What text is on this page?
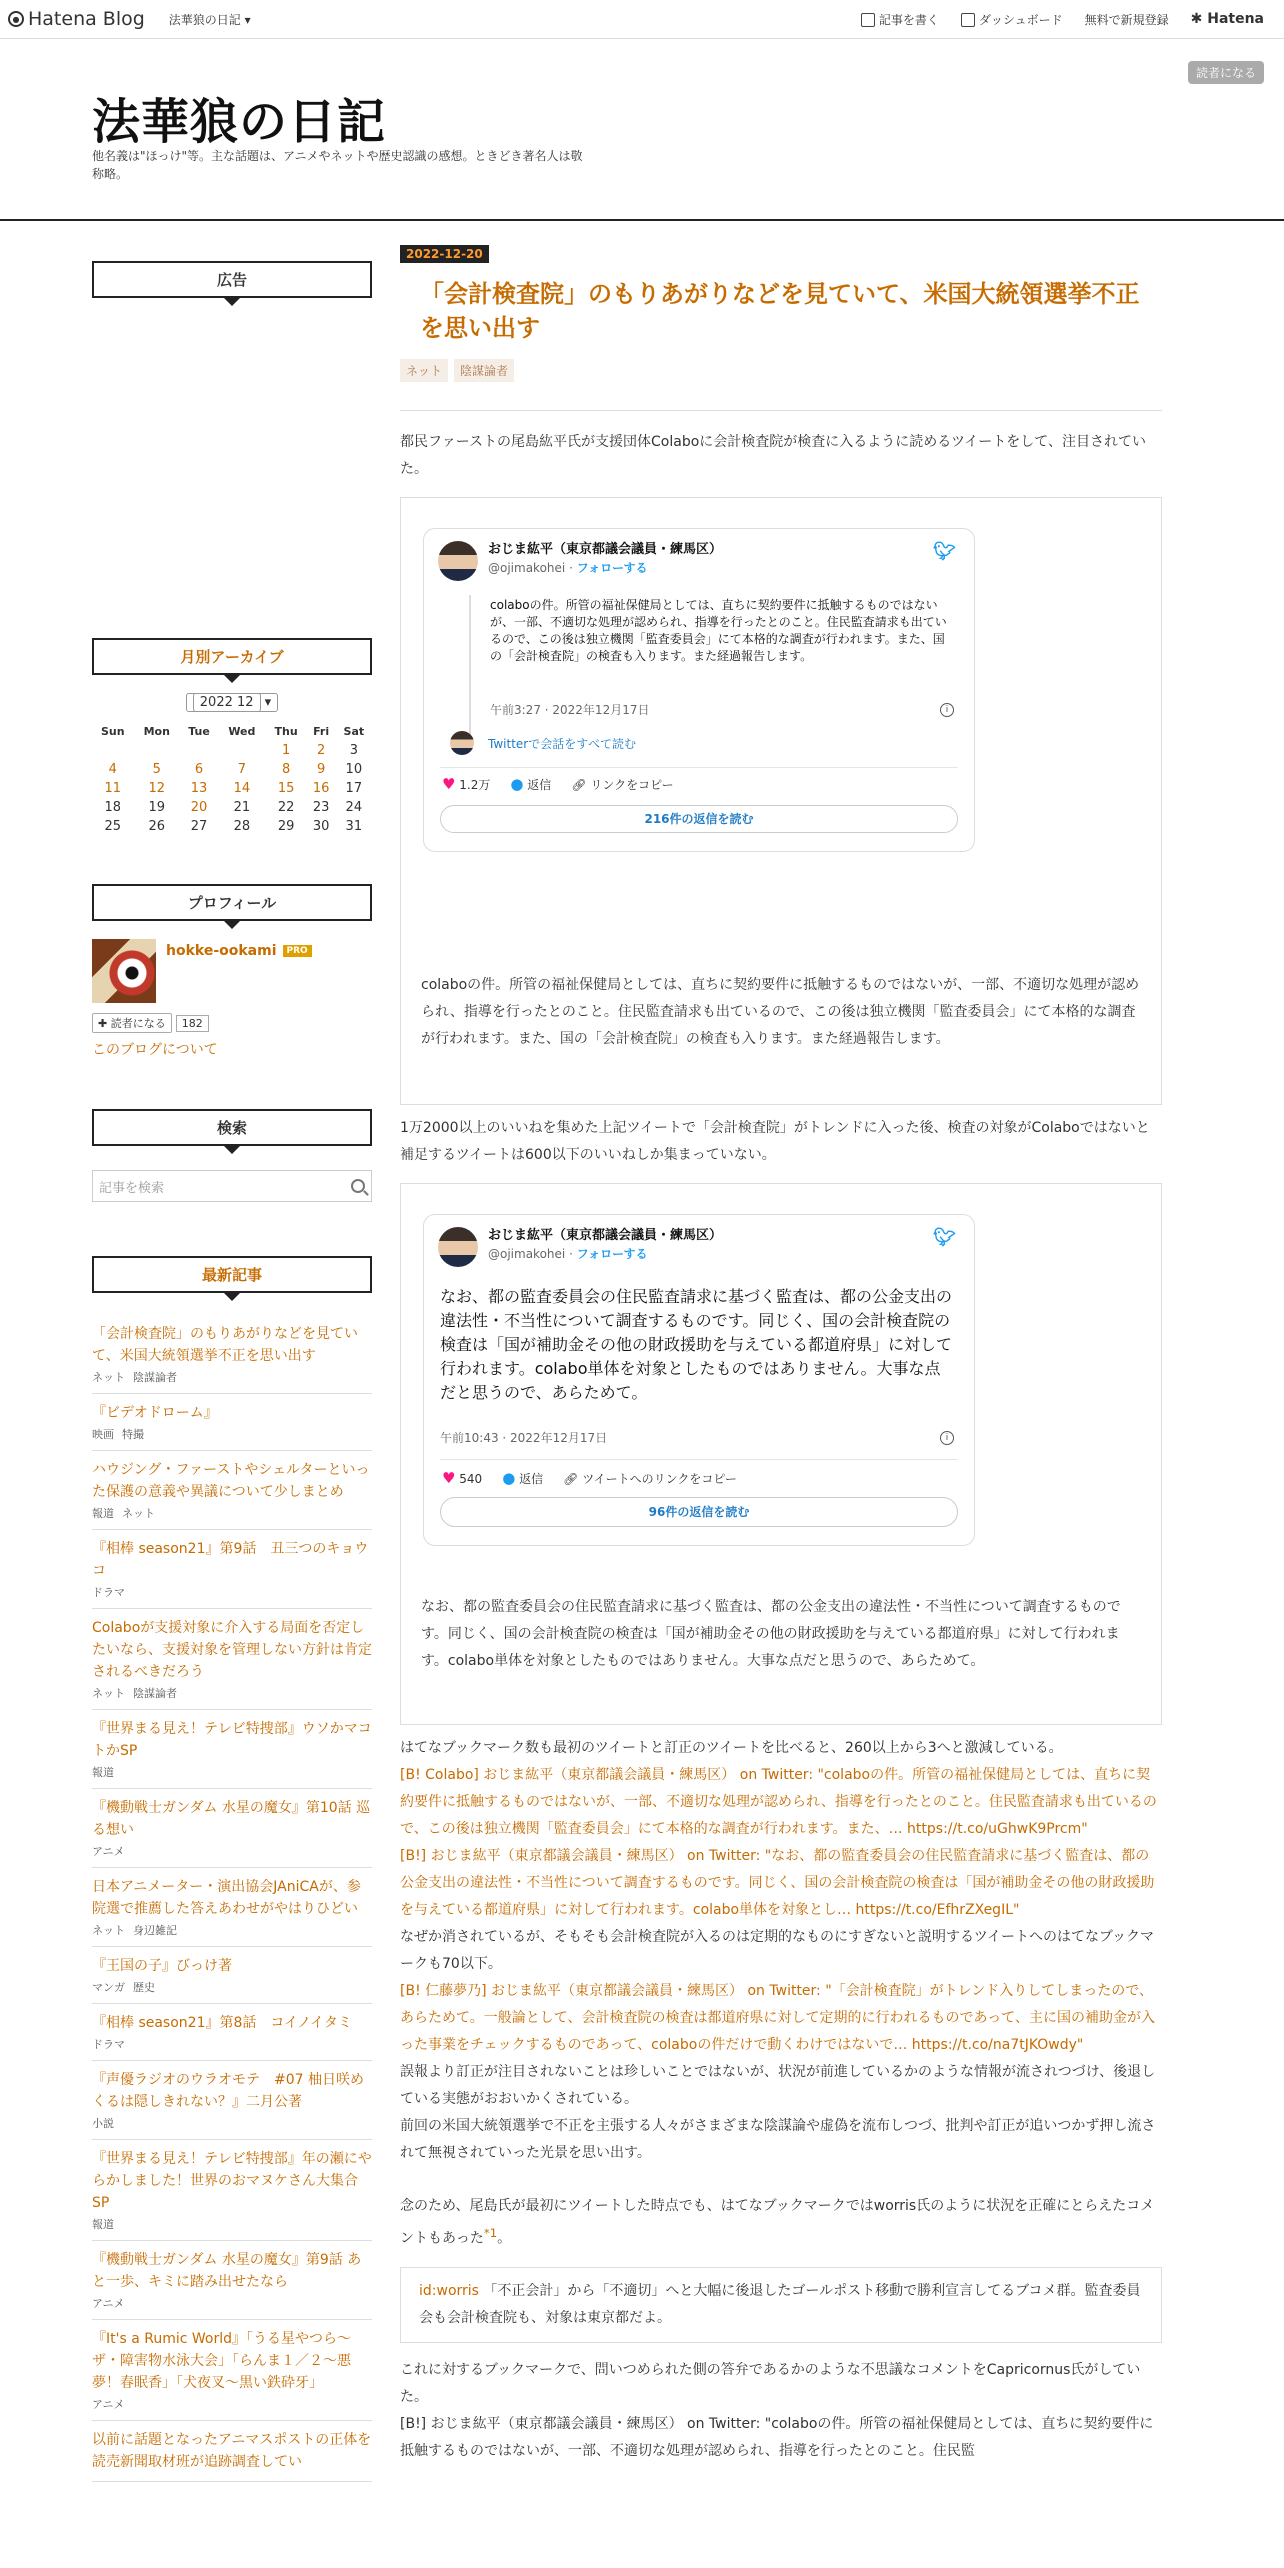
● Hatena Blog 法華狼の日記 ▾	記事を書く	ダッシュボード 無料で新規登録 ✱ Hatena
法華狼の日記
他名義は"ほっけ"等。主な話題は、アニメやネットや歴史認識の感想。ときどき著名人は敬称略。
読者になる
広告
月別アーカイブ
2022 12 ▾
Sun	Mon	Tue	Wed	Thu	Fri	Sat
				1	2	3
4	5	6	7	8	9	10
11	12	13	14	15	16	17
18	19	20	21	22	23	24
25	26	27	28	29	30	31
プロフィール
hokke-ookami PRO
✚ 読者になる	182
このブログについて
検索
記事を検索
最新記事
「会計検査院」のもりあがりなどを見ていて、米国大統領選挙不正を思い出す
ネット 陰謀論者
『ビデオドローム』
映画 特撮
ハウジング・ファーストやシェルターといった保護の意義や異議について少しまとめ
報道 ネット
『相棒 season21』第9話　丑三つのキョウコ
ドラマ
Colaboが支援対象に介入する局面を否定したいなら、支援対象を管理しない方針は肯定されるべきだろう
ネット 陰謀論者
『世界まる見え！テレビ特捜部』ウソかマコトかSP
報道
『機動戦士ガンダム 水星の魔女』第10話 巡る想い
アニメ
日本アニメーター・演出協会JAniCAが、参院選で推薦した答えあわせがやはりひどい
ネット 身辺雑記
『王国の子』びっけ著
マンガ 歴史
『相棒 season21』第8話　コイノイタミ
ドラマ
『声優ラジオのウラオモテ　#07 柚日咲めくるは隠しきれない？』二月公著
小説
『世界まる見え！テレビ特捜部』年の瀬にやらかしました！世界のおマヌケさん大集合SP
報道
『機動戦士ガンダム 水星の魔女』第9話 あと一歩、キミに踏み出せたなら
アニメ
『It's a Rumic World』「うる星やつら～ザ・障害物水泳大会」「らんま１／２～悪夢！春眠香」「犬夜叉～黒い鉄砕牙」
アニメ
以前に話題となったアニマスポストの正体を読売新聞取材班が追跡調査してい
2022-12-20
「会計検査院」のもりあがりなどを見ていて、米国大統領選挙不正を思い出す
ネット 陰謀論者
都民ファーストの尾島紘平氏が支援団体Colaboに会計検査院が検査に入るように読めるツイートをして、注目されていた。
おじま紘平（東京都議会議員・練馬区）
@ojimakohei · フォローする
🐦︎
colaboの件。所管の福祉保健局としては、直ちに契約要件に抵触するものではないが、一部、不適切な処理が認められ、指導を行ったとのこと。住民監査請求も出ているので、この後は独立機関「監査委員会」にて本格的な調査が行われます。また、国の「会計検査院」の検査も入ります。また経過報告します。
午前3:27 · 2022年12月17日	i
Twitterで会話をすべて読む
♥ 1.2万 ● 返信 🔗︎ リンクをコピー
216件の返信を読む
colaboの件。所管の福祉保健局としては、直ちに契約要件に抵触するものではないが、一部、不適切な処理が認められ、指導を行ったとのこと。住民監査請求も出ているので、この後は独立機関「監査委員会」にて本格的な調査が行われます。また、国の「会計検査院」の検査も入ります。また経過報告します。
1万2000以上のいいねを集めた上記ツイートで「会計検査院」がトレンドに入った後、検査の対象がColaboではないと補足するツイートは600以下のいいねしか集まっていない。
おじま紘平（東京都議会議員・練馬区）
@ojimakohei · フォローする
🐦︎
なお、都の監査委員会の住民監査請求に基づく監査は、都の公金支出の違法性・不当性について調査するものです。同じく、国の会計検査院の検査は「国が補助金その他の財政援助を与えている都道府県」に対して行われます。colabo単体を対象としたものではありません。大事な点だと思うので、あらためて。
午前10:43 · 2022年12月17日	i
♥ 540 ● 返信 🔗︎ ツイートへのリンクをコピー
96件の返信を読む
なお、都の監査委員会の住民監査請求に基づく監査は、都の公金支出の違法性・不当性について調査するものです。同じく、国の会計検査院の検査は「国が補助金その他の財政援助を与えている都道府県」に対して行われます。colabo単体を対象としたものではありません。大事な点だと思うので、あらためて。

はてなブックマーク数も最初のツイートと訂正のツイートを比べると、260以上から3へと激減している。

[B! Colabo] おじま紘平（東京都議会議員・練馬区） on Twitter: "colaboの件。所管の福祉保健局としては、直ちに契約要件に抵触するものではないが、一部、不適切な処理が認められ、指導を行ったとのこと。住民監査請求も出ているので、この後は独立機関「監査委員会」にて本格的な調査が行われます。また、… https://t.co/uGhwK9Prcm"

[B!] おじま紘平（東京都議会議員・練馬区） on Twitter: "なお、都の監査委員会の住民監査請求に基づく監査は、都の公金支出の違法性・不当性について調査するものです。同じく、国の会計検査院の検査は「国が補助金その他の財政援助を与えている都道府県」に対して行われます。colabo単体を対象とし… https://t.co/EfhrZXegIL"

なぜか消されているが、そもそも会計検査院が入るのは定期的なものにすぎないと説明するツイートへのはてなブックマークも70以下。

[B! 仁藤夢乃] おじま紘平（東京都議会議員・練馬区） on Twitter: "「会計検査院」がトレンド入りしてしまったので、あらためて。一般論として、会計検査院の検査は都道府県に対して定期的に行われるものであって、主に国の補助金が入った事業をチェックするものであって、colaboの件だけで動くわけではないで… https://t.co/na7tJKOwdy"

誤報より訂正が注目されないことは珍しいことではないが、状況が前進しているかのような情報が流されつづけ、後退している実態がおおいかくされている。

前回の米国大統領選挙で不正を主張する人々がさまざまな陰謀論や虚偽を流布しつづ、批判や訂正が追いつかず押し流されて無視されていった光景を思い出す。

念のため、尾島氏が最初にツイートした時点でも、はてなブックマークではworris氏のように状況を正確にとらえたコメントもあった$^{*1}$。
id:worris 「不正会計」から「不適切」へと大幅に後退したゴールポスト移動で勝利宣言してるブコメ群。監査委員会も会計検査院も、対象は東京都だよ。
これに対するブックマークで、問いつめられた側の答弁であるかのような不思議なコメントをCapricornus氏がしていた。
[B!] おじま紘平（東京都議会議員・練馬区） on Twitter: "colaboの件。所管の福祉保健局としては、直ちに契約要件に抵触するものではないが、一部、不適切な処理が認められ、指導を行ったとのこと。住民監
